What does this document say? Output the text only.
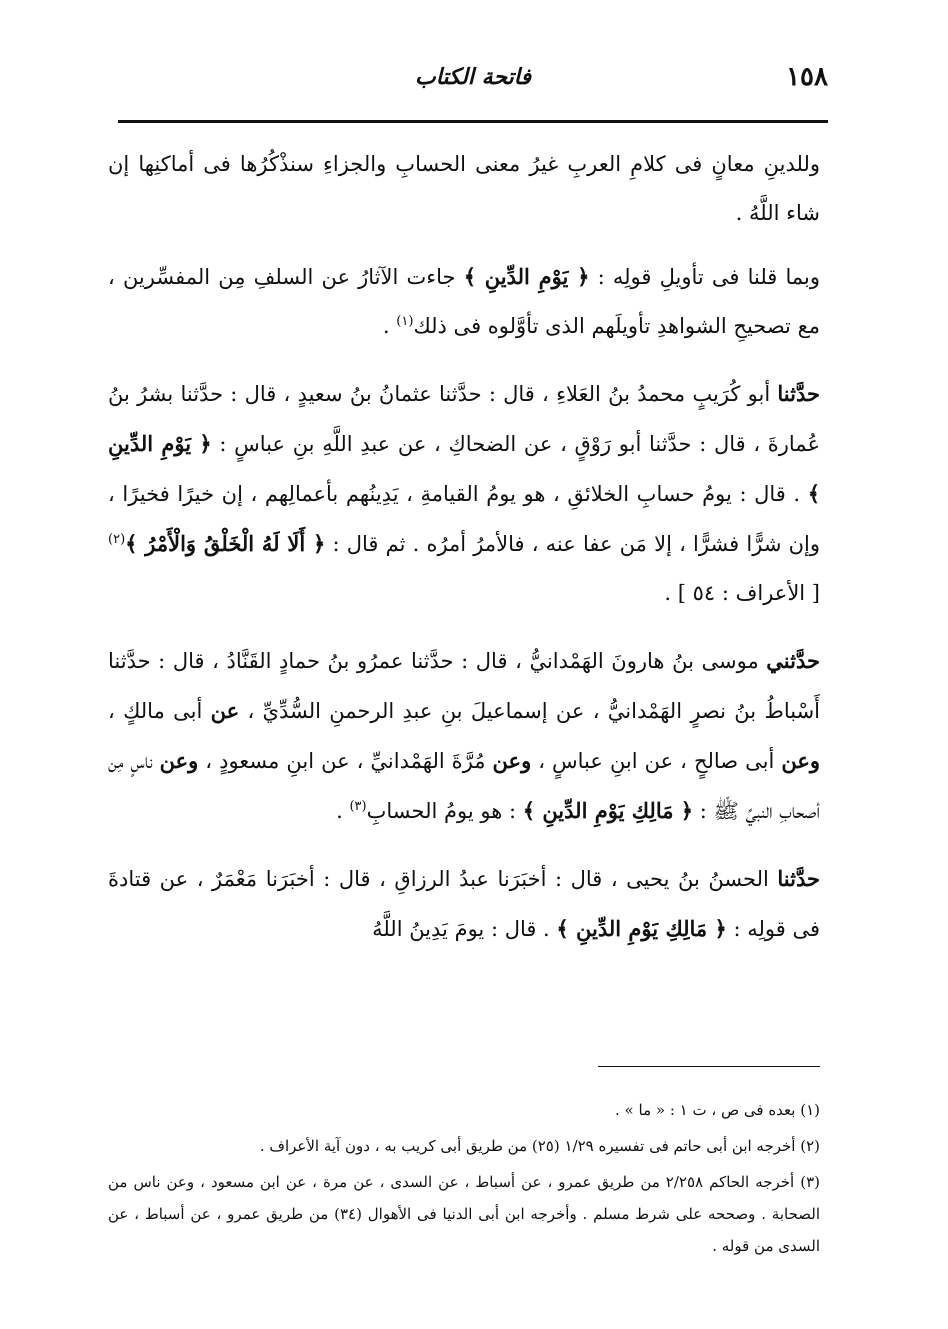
١٥٨
فاتحة الكتاب

وللدينِ معانٍ فى كلامِ العربِ غيرُ معنى الحسابِ والجزاءِ سنذْكُرُها فى أماكنِها إن شاء اللَّهُ .

وبما قلنا فى تأويلِ قولِه : ﴿ يَوْمِ الدِّينِ ﴾ جاءت الآثارُ عن السلفِ مِن المفسِّرين ، مع تصحيحِ الشواهدِ تأويلَهم الذى تأوَّلوه فى ذلك$^{(١)}$ .

حدَّثنا أبو كُرَيبٍ محمدُ بنُ العَلاءِ ، قال : حدَّثنا عثمانُ بنُ سعيدٍ ، قال : حدَّثنا بشرُ بنُ عُمارةَ ، قال : حدَّثنا أبو رَوْقٍ ، عن الضحاكِ ، عن عبدِ اللَّهِ بنِ عباسٍ : ﴿ يَوْمِ الدِّينِ ﴾ . قال : يومُ حسابِ الخلائقِ ، هو يومُ القيامةِ ، يَدِينُهم بأعمالِهم ، إن خيرًا فخيرًا ، وإن شرًّا فشرًّا ، إلا مَن عفا عنه ، فالأمرُ أمرُه . ثم قال : ﴿ أَلَا لَهُ الْخَلْقُ وَالْأَمْرُ ﴾$^{(٢)}$ [ الأعراف : ٥٤ ] .

حدَّثني موسى بنُ هارونَ الهَمْدانيُّ ، قال : حدَّثنا عمرُو بنُ حمادٍ القَنَّادُ ، قال : حدَّثنا أَسْباطُ بنُ نصرٍ الهَمْدانيُّ ، عن إسماعيلَ بنِ عبدِ الرحمنِ السُّدِّيِّ ، عن أبى مالكٍ ، وعن أبى صالحٍ ، عن ابنِ عباسٍ ، وعن مُرَّةَ الهَمْدانيِّ ، عن ابنِ مسعودٍ ، وعن ناسٍ مِن أصحابِ النبيِّ ﷺ : ﴿ مَالِكِ يَوْمِ الدِّينِ ﴾ : هو يومُ الحسابِ$^{(٣)}$ .

حدَّثنا الحسنُ بنُ يحيى ، قال : أخبَرَنا عبدُ الرزاقِ ، قال : أخبَرَنا مَعْمَرٌ ، عن قتادةَ فى قولِه : ﴿ مَالِكِ يَوْمِ الدِّينِ ﴾ . قال : يومَ يَدِينُ اللَّهُ

(١) بعده فى ص ، ت ١ : « ما » .

(٢) أخرجه ابن أبى حاتم فى تفسيره ١/٢٩ (٢٥) من طريق أبى كريب به ، دون آية الأعراف .

(٣) أخرجه الحاكم ٢/٢٥٨ من طريق عمرو ، عن أسباط ، عن السدى ، عن مرة ، عن ابن مسعود ، وعن ناس من الصحابة . وصححه على شرط مسلم . وأخرجه ابن أبى الدنيا فى الأهوال (٣٤) من طريق عمرو ، عن أسباط ، عن السدى من قوله .
